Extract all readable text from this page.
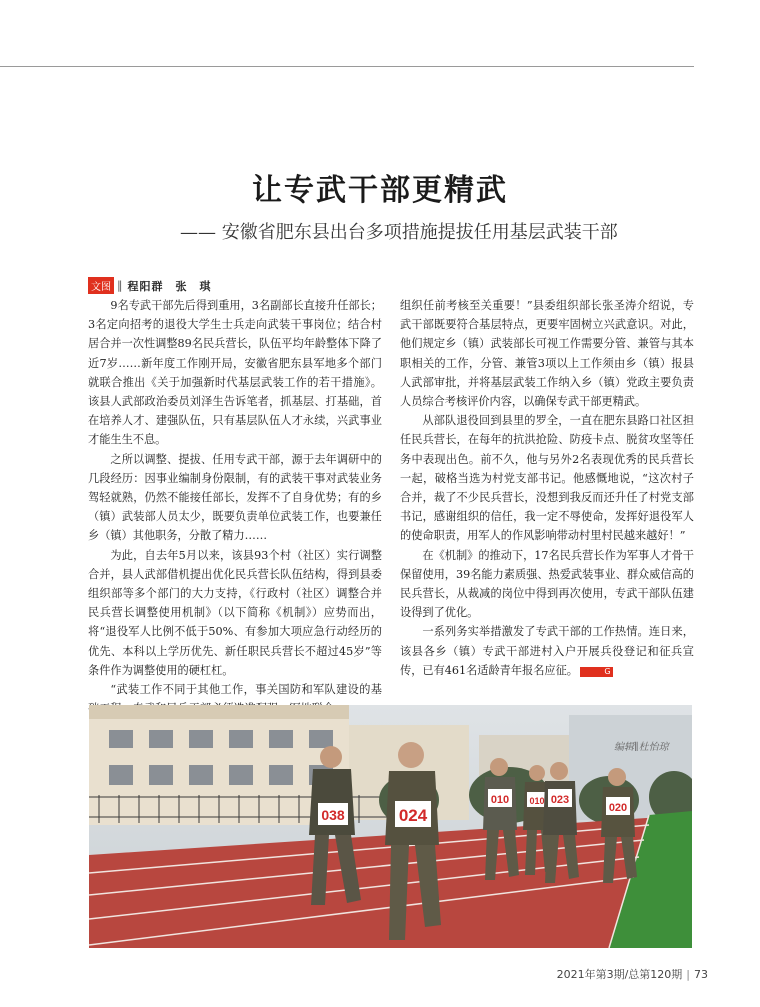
让专武干部更精武
—— 安徽省肥东县出台多项措施提拔任用基层武装干部
文图 ‖ 程阳群　张　琪

9名专武干部先后得到重用，3名副部长直接升任部长；3名定向招考的退役大学生士兵走向武装干事岗位；结合村居合并一次性调整89名民兵营长，队伍平均年龄整体下降了近7岁……新年度工作刚开局，安徽省肥东县军地多个部门就联合推出《关于加强新时代基层武装工作的若干措施》。该县人武部政治委员刘泽生告诉笔者，抓基层、打基础，首在培养人才、建强队伍，只有基层队伍人才永续，兴武事业才能生生不息。

之所以调整、提拔、任用专武干部，源于去年调研中的几段经历：因事业编制身份限制，有的武装干事对武装业务驾轻就熟，仍然不能接任部长，发挥不了自身优势；有的乡（镇）武装部人员太少，既要负责单位武装工作，也要兼任乡（镇）其他职务，分散了精力……

为此，自去年5月以来，该县93个村（社区）实行调整合并，县人武部借机提出优化民兵营长队伍结构，得到县委组织部等多个部门的大力支持，《行政村（社区）调整合并民兵营长调整使用机制》（以下简称《机制》）应势而出，将“退役军人比例不低于50%、有参加大项应急行动经历的优先、本科以上学历优先、新任职民兵营长不超过45岁”等条件作为调整使用的硬杠杠。

“武装工作不同于其他工作，事关国防和军队建设的基

组织任前考核至关重要！”县委组织部长张圣涛介绍说，专武干部既要符合基层特点，更要牢固树立兴武意识。对此，他们规定乡（镇）武装部长可视工作需要分管、兼管与其本职相关的工作，分管、兼管3项以上工作须由乡（镇）报县人武部审批，并将基层武装工作纳入乡（镇）党政主要负责人员综合考核评价内容，以确保专武干部更精武。

从部队退役回到县里的罗全，一直在肥东县路口社区担任民兵营长，在每年的抗洪抢险、防疫卡点、脱贫攻坚等任务中表现出色。前不久，他与另外2名表现优秀的民兵营长一起，破格当选为村党支部书记。他感慨地说，“这次村子合并，裁了不少民兵营长，没想到我反而还升任了村党支部书记，感谢组织的信任，我一定不辱使命，发挥好退役军人的使命职责，用军人的作风影响带动村里村民越来越好！”

在《机制》的推动下，17名民兵营长作为军事人才骨干保留使用，39名能力素质强、热爱武装事业、群众威信高的民兵营长，从裁减的岗位中得到再次使用，专武干部队伍建设得到了优化。

一系列务实举措激发了专武干部的工作热情。连日来，该县各乡（镇）专武干部进村入户开展兵役登记和征兵宣传，已有461名适龄青年报名应征。	G

038	024
010 010 023
020
编辑∥杜怡琼
2021年第3期/总第120期 | 73
